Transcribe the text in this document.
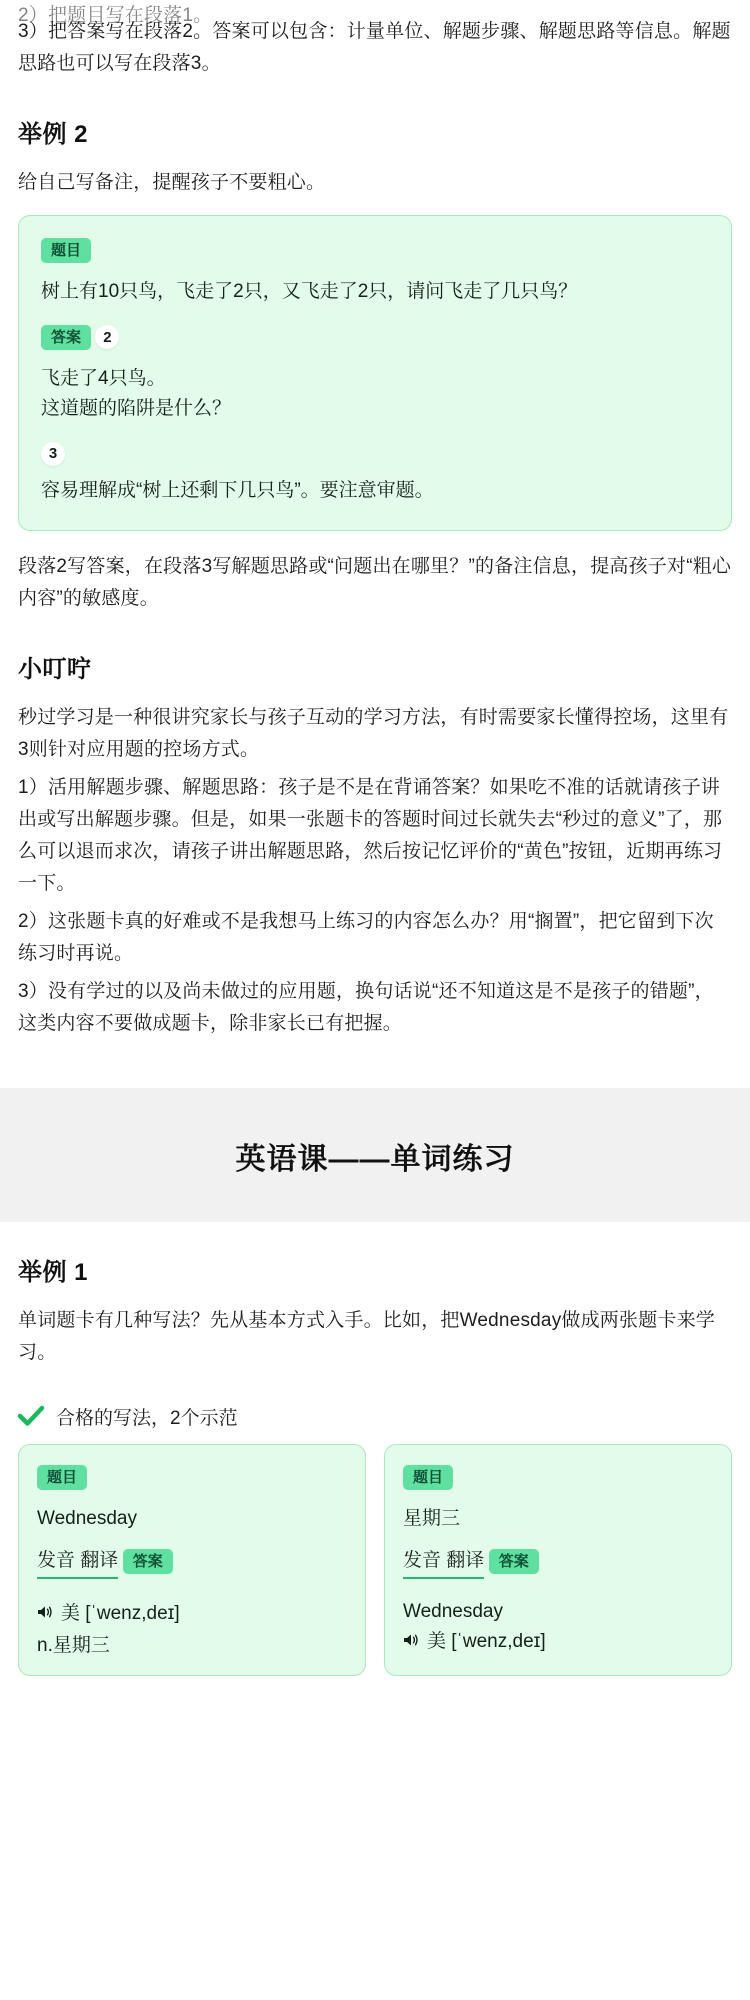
2）把题目写在段落1。
3）把答案写在段落2。答案可以包含：计量单位、解题步骤、解题思路等信息。解题思路也可以写在段落3。
举例 2
给自己写备注，提醒孩子不要粗心。
题目
树上有10只鸟，飞走了2只，又飞走了2只，请问飞走了几只鸟？
答案 2
飞走了4只鸟。
这道题的陷阱是什么？
3
容易理解成“树上还剩下几只鸟”。要注意审题。
段落2写答案，在段落3写解题思路或“问题出在哪里？”的备注信息，提高孩子对“粗心内容”的敏感度。
小叮咛
秒过学习是一种很讲究家长与孩子互动的学习方法，有时需要家长懂得控场，这里有3则针对应用题的控场方式。
1）活用解题步骤、解题思路：孩子是不是在背诵答案？如果吃不准的话就请孩子讲出或写出解题步骤。但是，如果一张题卡的答题时间过长就失去“秒过的意义”了，那么可以退而求次，请孩子讲出解题思路，然后按记忆评价的“黄色”按钮，近期再练习一下。
2）这张题卡真的好难或不是我想马上练习的内容怎么办？用“搁置”，把它留到下次练习时再说。
3）没有学过的以及尚未做过的应用题，换句话说“还不知道这是不是孩子的错题”，这类内容不要做成题卡，除非家长已有把握。
英语课——单词练习
举例 1
单词题卡有几种写法？先从基本方式入手。比如，把Wednesday做成两张题卡来学习。
合格的写法，2个示范
题目
Wednesday
发音 翻译 答案
美 [ˈwenz,deɪ]
n.星期三
题目
星期三
发音 翻译 答案
Wednesday
美 [ˈwenz,deɪ]
